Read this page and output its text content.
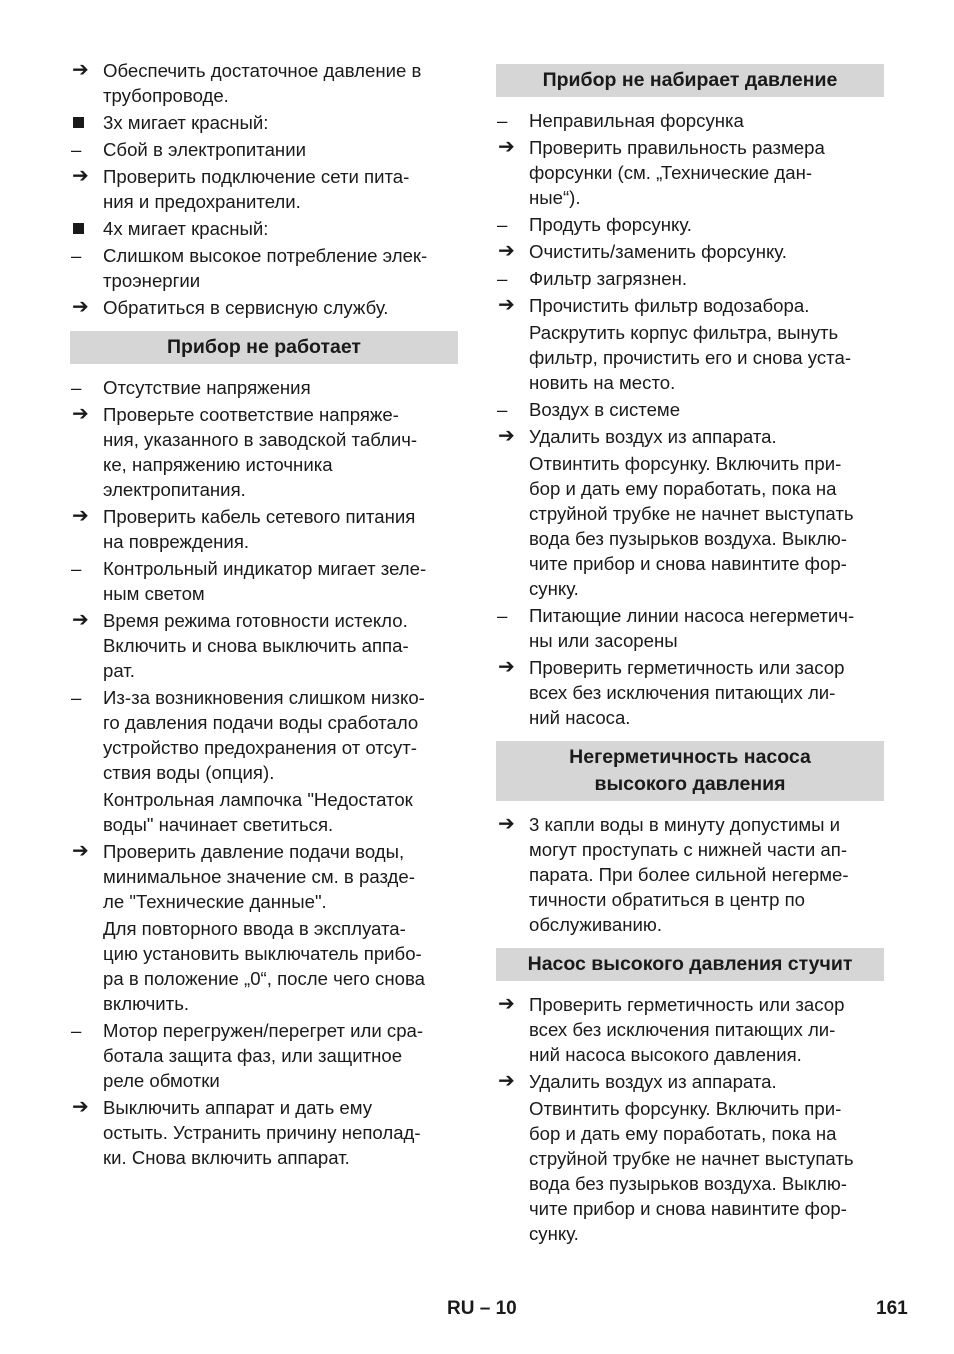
➔ Обеспечить достаточное давление в
трубопроводе.
3x мигает красный:
–	Сбой в электропитании
➔ Проверить подключение сети пита-
ния и предохранители.
4x мигает красный:
–	Слишком высокое потребление элек-
троэнергии
➔ Обратиться в сервисную службу.
Прибор не работает
–	Отсутствие напряжения
➔ Проверьте соответствие напряже-
ния, указанного в заводской таблич-
ке, напряжению источника
электропитания.
➔ Проверить кабель сетевого питания
на повреждения.
–	Контрольный индикатор мигает зеле-
ным светом
➔ Время режима готовности истекло.
Включить и снова выключить аппа-
рат.
–	Из-за возникновения слишком низко-
го давления подачи воды сработало
устройство предохранения от отсут-
ствия воды (опция).
Контрольная лампочка "Недостаток
воды" начинает светиться.
➔ Проверить давление подачи воды,
минимальное значение см. в разде-
ле "Технические данные".
Для повторного ввода в эксплуата-
цию установить выключатель прибо-
ра в положение „0“, после чего снова
включить.
–	Мотор перегружен/перегрет или сра-
ботала защита фаз, или защитное
реле обмотки
➔ Выключить аппарат и дать ему
остыть. Устранить причину неполад-
ки. Снова включить аппарат.
Прибор не набирает давление
–	Неправильная форсунка
➔ Проверить правильность размера
форсунки (см. „Технические дан-
ные“).
–	Продуть форсунку.
➔ Очистить/заменить форсунку.
–	Фильтр загрязнен.
➔ Прочистить фильтр водозабора.
Раскрутить корпус фильтра, вынуть
фильтр, прочистить его и снова уста-
новить на место.
–	Воздух в системе
➔ Удалить воздух из аппарата.
Отвинтить форсунку. Включить при-
бор и дать ему поработать, пока на
струйной трубке не начнет выступать
вода без пузырьков воздуха. Выклю-
чите прибор и снова навинтите фор-
сунку.
–	Питающие линии насоса негерметич-
ны или засорены
➔ Проверить герметичность или засор
всех без исключения питающих ли-
ний насоса.
Негерметичность насоса
высокого давления
➔ 3 капли воды в минуту допустимы и
могут проступать с нижней части ап-
парата. При более сильной негерме-
тичности обратиться в центр по
обслуживанию.
Насос высокого давления стучит
➔ Проверить герметичность или засор
всех без исключения питающих ли-
ний насоса высокого давления.
➔ Удалить воздух из аппарата.
Отвинтить форсунку. Включить при-
бор и дать ему поработать, пока на
струйной трубке не начнет выступать
вода без пузырьков воздуха. Выклю-
чите прибор и снова навинтите фор-
сунку.
RU – 10	161
